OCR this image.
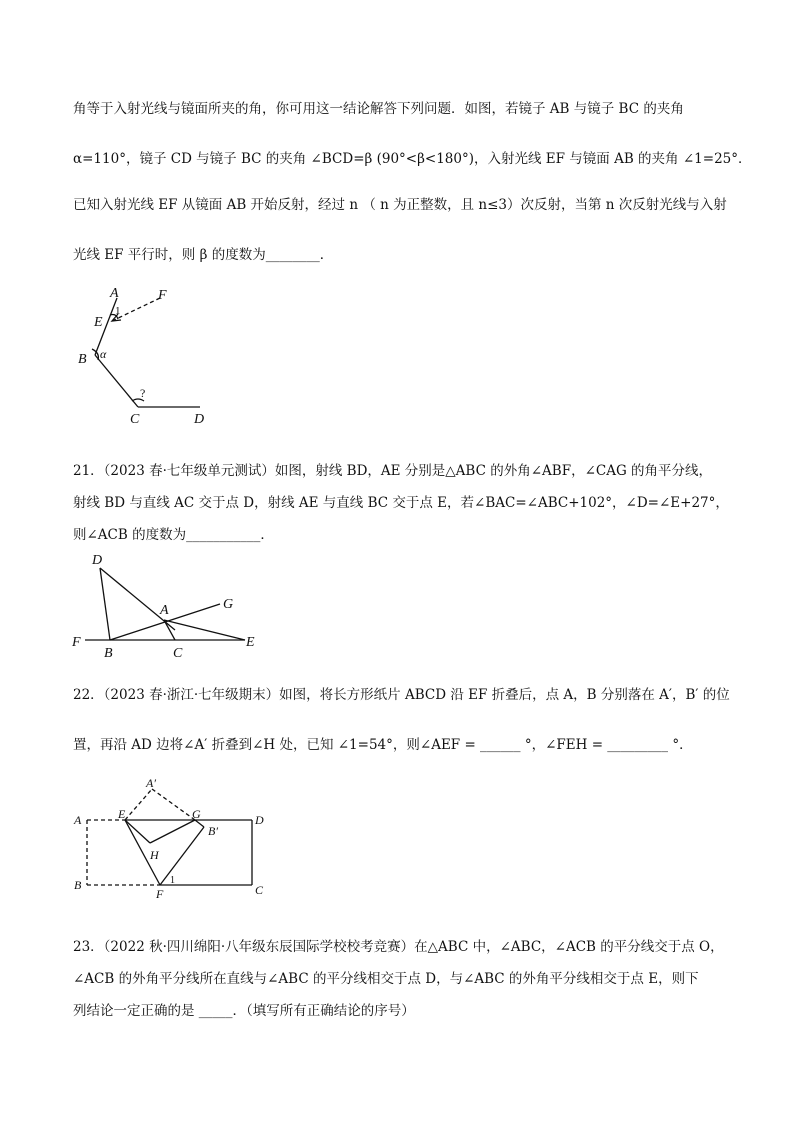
角等于入射光线与镜面所夹的角，你可用这一结论解答下列问题．如图，若镜子 AB 与镜子 BC 的夹角
α=110°，镜子 CD 与镜子 BC 的夹角 ∠BCD=β (90°<β<180°)，入射光线 EF 与镜面 AB 的夹角 ∠1=25°．
已知入射光线 EF 从镜面 AB 开始反射，经过 n （ n 为正整数，且 n≤3）次反射，当第 n 次反射光线与入射
光线 EF 平行时，则 β 的度数为________．
A	F
E
1
B α
?
C	D
21．（2023 春·七年级单元测试）如图，射线 BD，AE 分别是△ABC 的外角∠ABF，∠CAG 的角平分线，
射线 BD 与直线 AC 交于点 D，射线 AE 与直线 BC 交于点 E，若∠BAC=∠ABC+102°，∠D=∠E+27°，
则∠ACB 的度数为___________．
D
A	G
F
B	C
E
22．（2023 春·浙江·七年级期末）如图，将长方形纸片 ABCD 沿 EF 折叠后，点 A，B 分别落在 A′，B′ 的位
置，再沿 AD 边将∠A′ 折叠到∠H 处，已知 ∠1=54°，则∠AEF = ______ °，∠FEH = _________ °．
A′
A	E	G	D
B′
H
B
F
1
C
23．（2022 秋·四川绵阳·八年级东辰国际学校校考竞赛）在△ABC 中，∠ABC，∠ACB 的平分线交于点 O，
∠ACB 的外角平分线所在直线与∠ABC 的平分线相交于点 D，与∠ABC 的外角平分线相交于点 E，则下
列结论一定正确的是 _____．（填写所有正确结论的序号）
